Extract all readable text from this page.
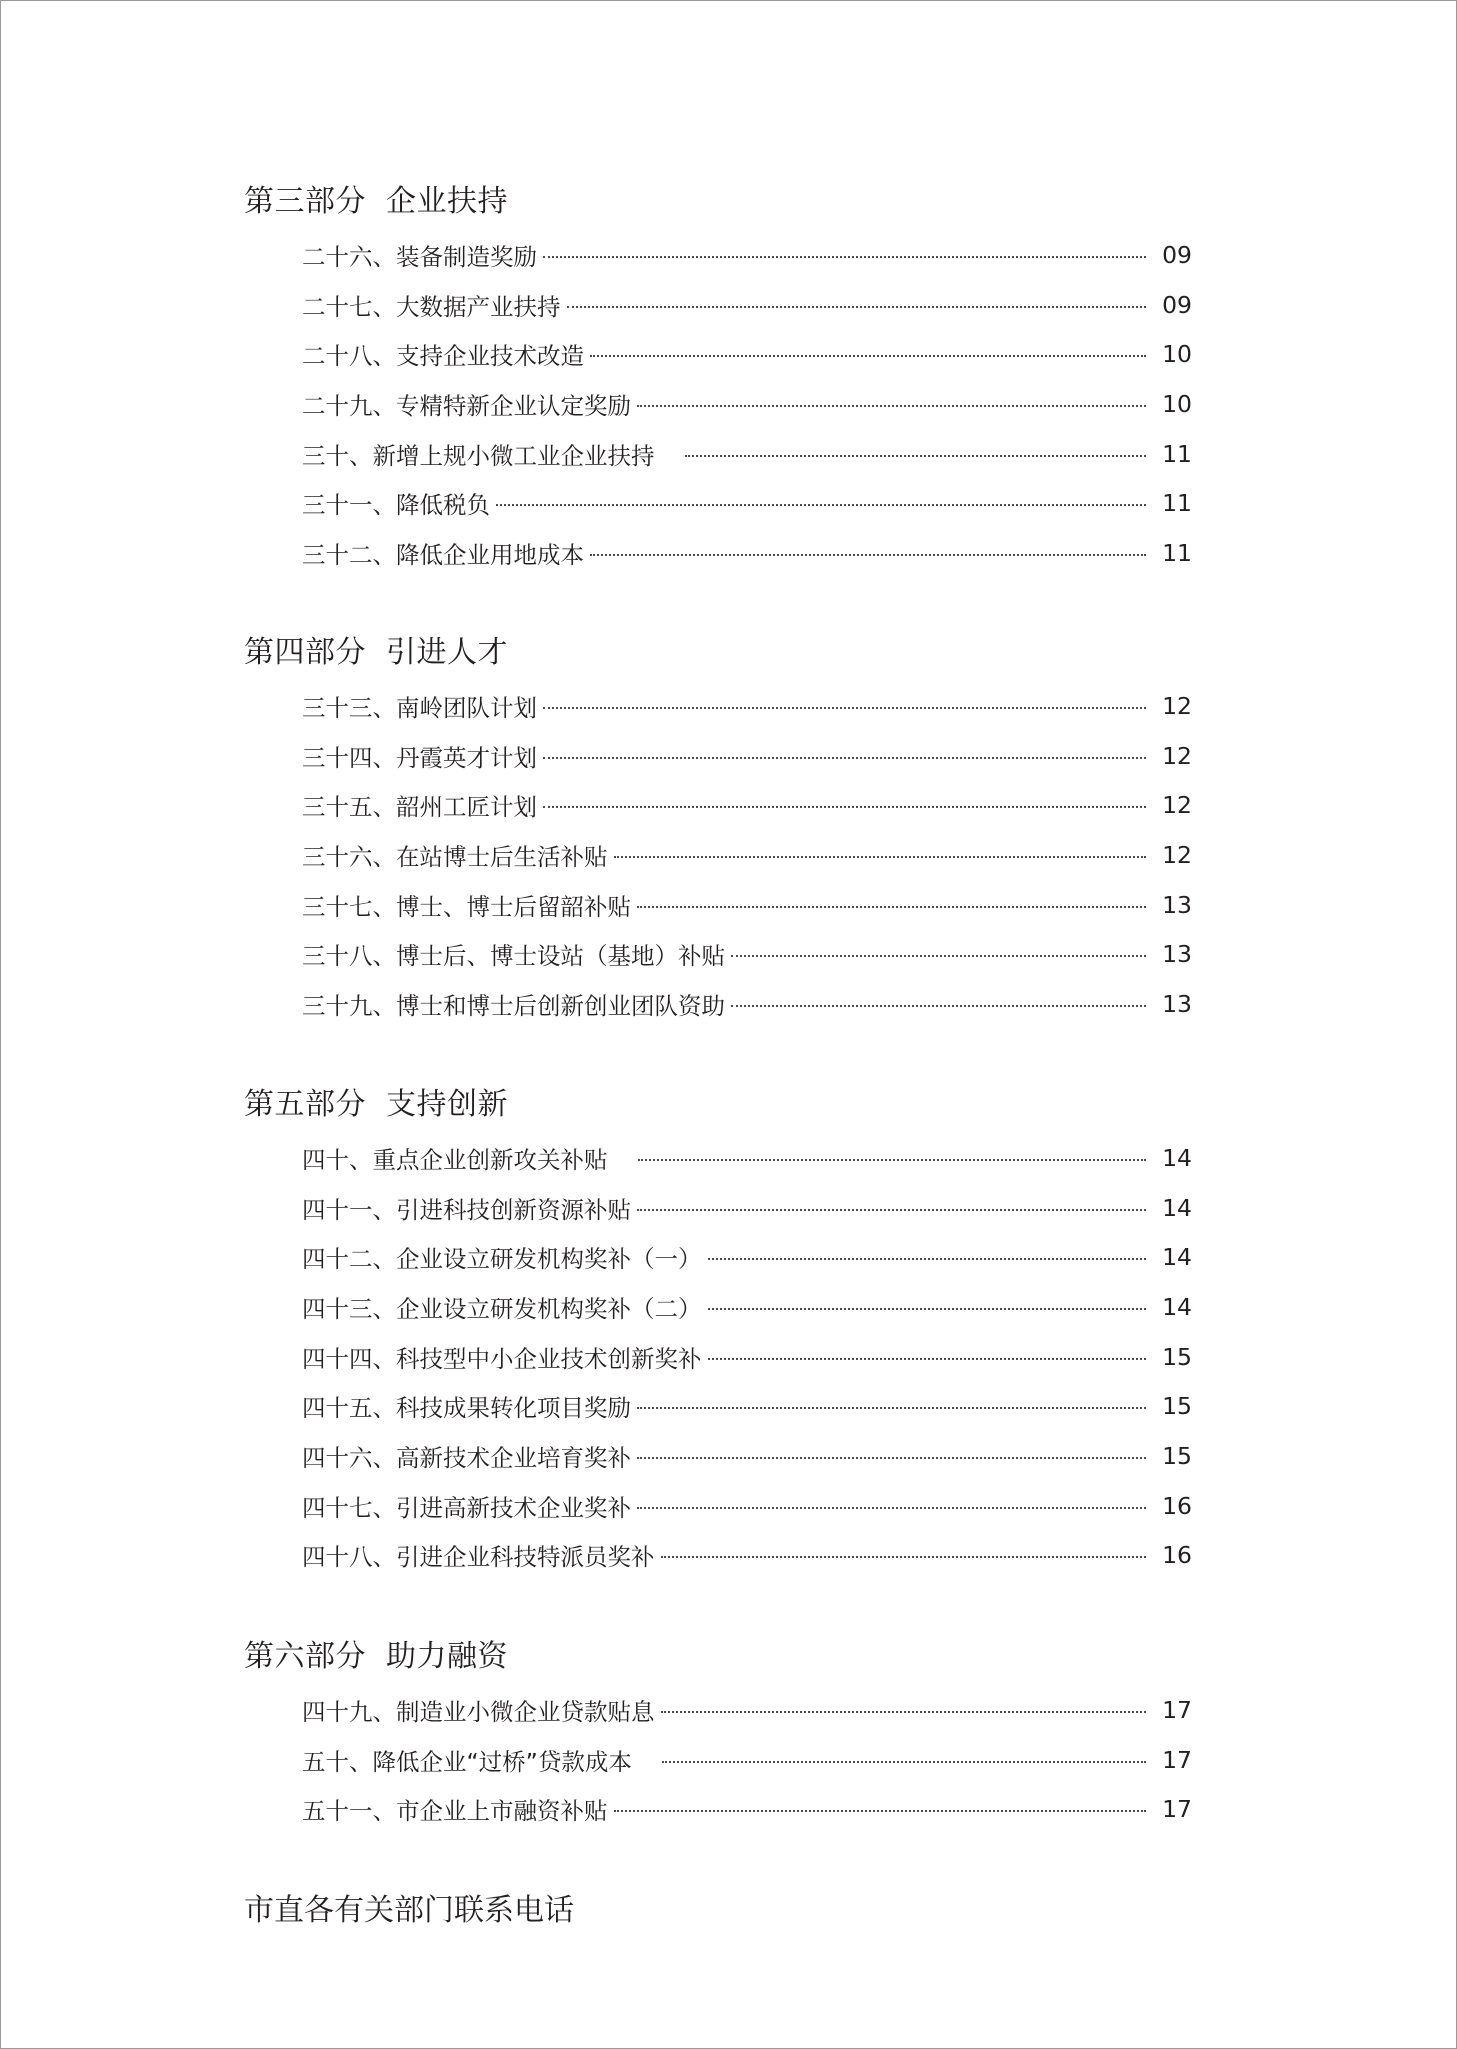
第三部分 企业扶持
二十六、装备制造奖励	09
二十七、大数据产业扶持	09
二十八、支持企业技术改造	10
二十九、专精特新企业认定奖励	10
三十、新增上规小微工业企业扶持	11
三十一、降低税负	11
三十二、降低企业用地成本	11
第四部分 引进人才
三十三、南岭团队计划	12
三十四、丹霞英才计划	12
三十五、韶州工匠计划	12
三十六、在站博士后生活补贴	12
三十七、博士、博士后留韶补贴	13
三十八、博士后、博士设站（基地）补贴	13
三十九、博士和博士后创新创业团队资助	13
第五部分 支持创新
四十、重点企业创新攻关补贴	14
四十一、引进科技创新资源补贴	14
四十二、企业设立研发机构奖补（一）	14
四十三、企业设立研发机构奖补（二）	14
四十四、科技型中小企业技术创新奖补	15
四十五、科技成果转化项目奖励	15
四十六、高新技术企业培育奖补	15
四十七、引进高新技术企业奖补	16
四十八、引进企业科技特派员奖补	16
第六部分 助力融资
四十九、制造业小微企业贷款贴息	17
五十、降低企业“过桥”贷款成本	17
五十一、市企业上市融资补贴	17
市直各有关部门联系电话
